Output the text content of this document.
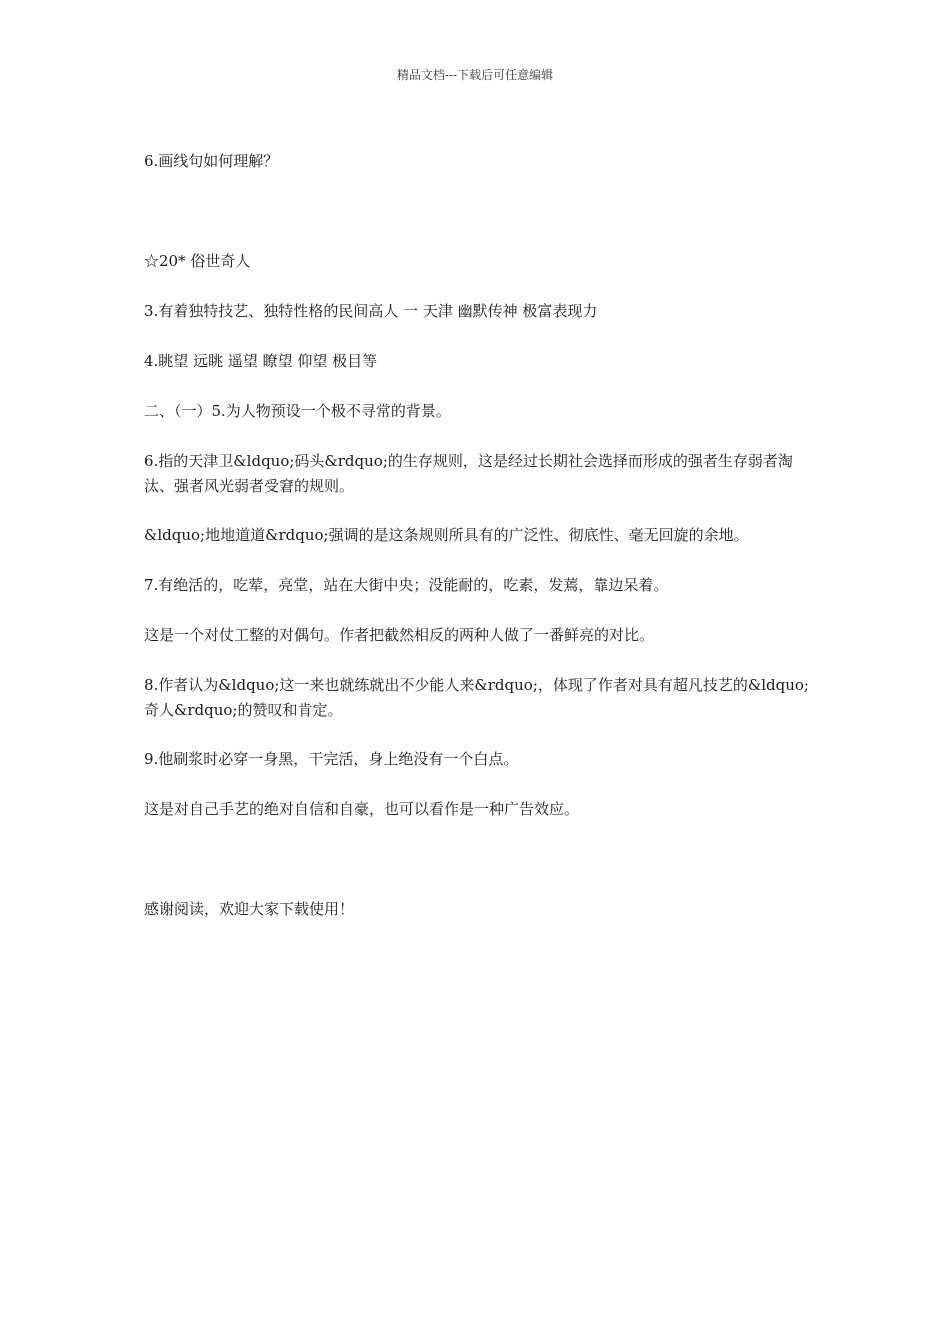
精品文档---下载后可任意编辑
6.画线句如何理解？
☆20* 俗世奇人
3.有着独特技艺、独特性格的民间高人 一 天津 幽默传神 极富表现力
4.眺望 远眺 遥望 瞭望 仰望 极目等
二、（一）5.为人物预设一个极不寻常的背景。
6.指的天津卫&ldquo;码头&rdquo;的生存规则，这是经过长期社会选择而形成的强者生存弱者淘汰、强者风光弱者受窘的规则。
&ldquo;地地道道&rdquo;强调的是这条规则所具有的广泛性、彻底性、毫无回旋的余地。
7.有绝活的，吃荤，亮堂，站在大街中央；没能耐的，吃素，发蔫，靠边呆着。
这是一个对仗工整的对偶句。作者把截然相反的两种人做了一番鲜亮的对比。
8.作者认为&ldquo;这一来也就练就出不少能人来&rdquo;，体现了作者对具有超凡技艺的&ldquo;奇人&rdquo;的赞叹和肯定。
9.他刷浆时必穿一身黑，干完活，身上绝没有一个白点。
这是对自己手艺的绝对自信和自豪，也可以看作是一种广告效应。
感谢阅读，欢迎大家下载使用！
